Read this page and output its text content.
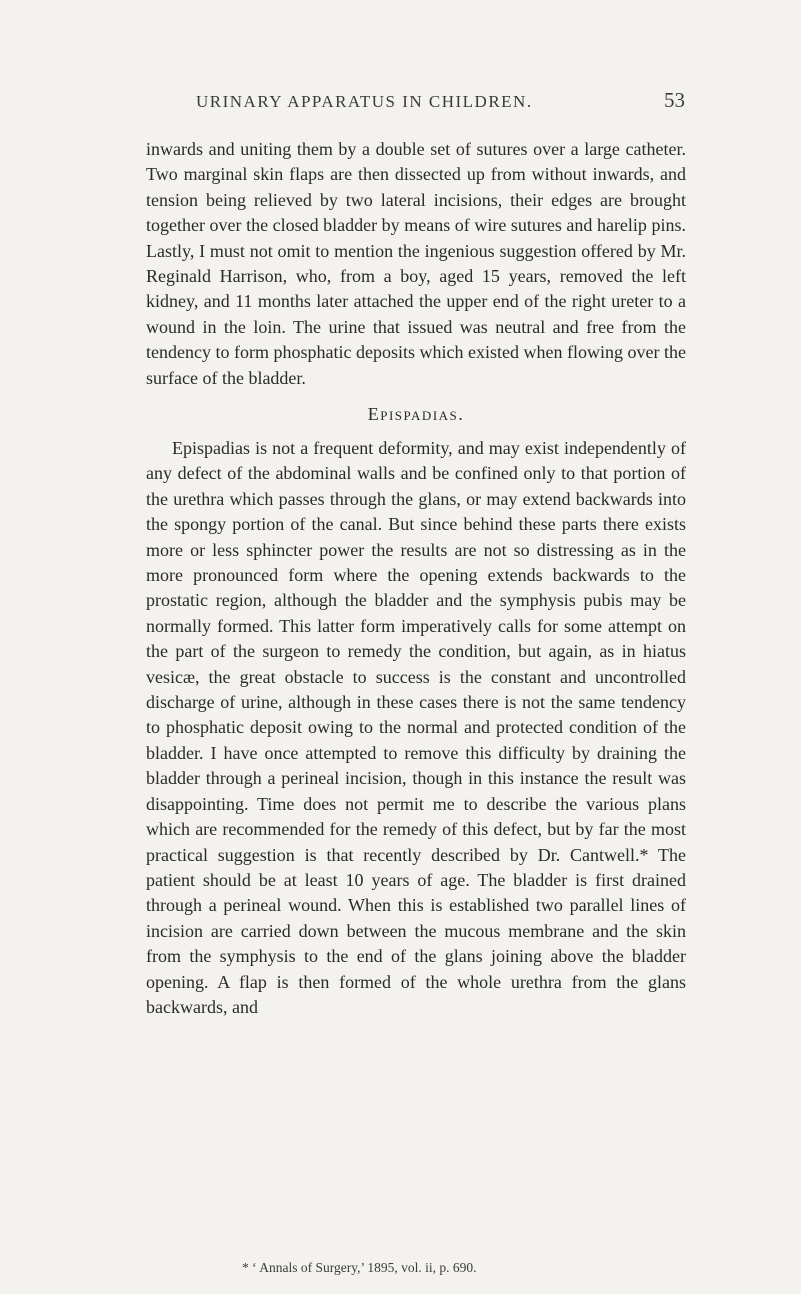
URINARY APPARATUS IN CHILDREN.	53

inwards and uniting them by a double set of sutures over a large catheter. Two marginal skin flaps are then dissected up from without inwards, and tension being relieved by two lateral incisions, their edges are brought together over the closed bladder by means of wire sutures and harelip pins. Lastly, I must not omit to mention the ingenious suggestion offered by Mr. Reginald Harrison, who, from a boy, aged 15 years, removed the left kidney, and 11 months later attached the upper end of the right ureter to a wound in the loin. The urine that issued was neutral and free from the tendency to form phosphatic deposits which existed when flowing over the surface of the bladder.

Epispadias.

Epispadias is not a frequent deformity, and may exist independently of any defect of the abdominal walls and be confined only to that portion of the urethra which passes through the glans, or may extend backwards into the spongy portion of the canal. But since behind these parts there exists more or less sphincter power the results are not so distressing as in the more pronounced form where the opening extends backwards to the prostatic region, although the bladder and the symphysis pubis may be normally formed. This latter form imperatively calls for some attempt on the part of the surgeon to remedy the condition, but again, as in hiatus vesicæ, the great obstacle to success is the constant and uncontrolled discharge of urine, although in these cases there is not the same tendency to phosphatic deposit owing to the normal and protected condition of the bladder. I have once attempted to remove this difficulty by draining the bladder through a perineal incision, though in this instance the result was disappointing. Time does not permit me to describe the various plans which are recommended for the remedy of this defect, but by far the most practical suggestion is that recently described by Dr. Cantwell.* The patient should be at least 10 years of age. The bladder is first drained through a perineal wound. When this is established two parallel lines of incision are carried down between the mucous membrane and the skin from the symphysis to the end of the glans joining above the bladder opening. A flap is then formed of the whole urethra from the glans backwards, and

* ‘ Annals of Surgery,’ 1895, vol. ii, p. 690.
